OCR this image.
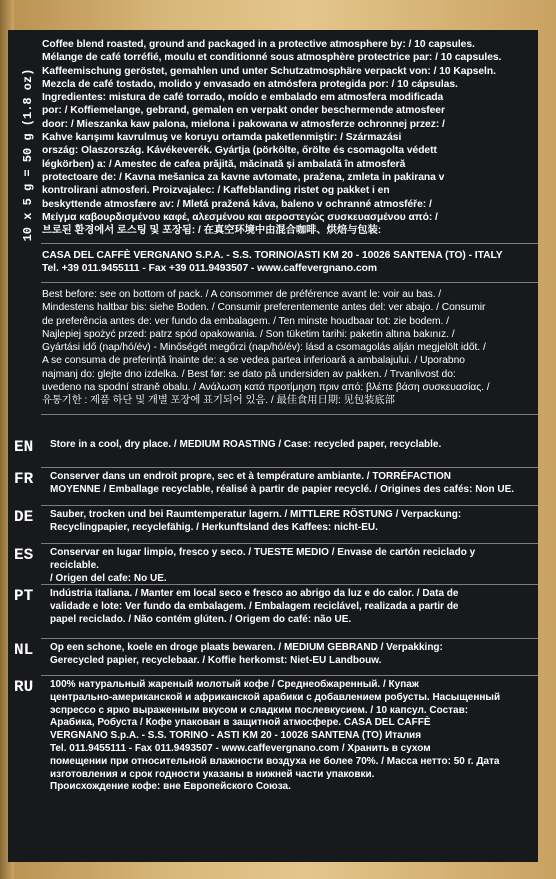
10 x 5 g = 50 g (1.8 oz)

Coffee blend roasted, ground and packaged in a protective atmosphere by: / 10 capsules.

Mélange de café torréfié, moulu et conditionné sous atmosphère protectrice par: / 10 capsules.

Kaffeemischung geröstet, gemahlen und unter Schutzatmosphäre verpackt von: / 10 Kapseln.

Mezcla de café tostado, molido y envasado en atmósfera protegida por: / 10 cápsulas.

Ingredientes: mistura de café torrado, moído e embalado em atmosfera modificada

por: / Koffiemelange, gebrand, gemalen en verpakt onder beschermende atmosfeer

door: / Mieszanka kaw palona, mielona i pakowana w atmosferze ochronnej przez: /

Kahve karışımı kavrulmuş ve koruyu ortamda paketlenmiştir: / Származási

ország: Olaszország. Kávékeverék. Gyártja (pörkölte, őrölte és csomagolta védett

légkörben) a: / Amestec de cafea prăjită, măcinată și ambalată în atmosferă

protectoare de: / Kavna mešanica za kavne avtomate, pražena, zmleta in pakirana v

kontrolirani atmosferi. Proizvajalec: / Kaffeblanding ristet og pakket i en

beskyttende atmosfære av: / Mletá pražená káva, baleno v ochranné atmosféře: /

Μείγμα καβουρδισμένου καφέ, αλεσμένου και αεροστεγώς συσκευασμένου από: /

브로된 환경에서 로스팅 및 포장됨: / 在真空环境中由混合咖啡、烘焙与包装:

CASA DEL CAFFÈ VERGNANO S.P.A. - S.S. TORINO/ASTI KM 20 - 10026 SANTENA (TO) - ITALY

Tel. +39 011.9455111 - Fax +39 011.9493507 - www.caffevergnano.com

Best before: see on bottom of pack. / A consommer de préférence avant le: voir au bas. /

Mindestens haltbar bis: siehe Boden. / Consumir preferentemente antes del: ver abajo. / Consumir

de preferência antes de: ver fundo da embalagem. / Ten minste houdbaar tot: zie bodem. /

Najlepiej spożyć przed: patrz spód opakowania. / Son tüketim tarihi: paketin altına bakınız. /

Gyártási idő (nap/hó/év) - Minőségét megőrzi (nap/hó/év): lásd a csomagolás alján megjelölt időt. /

A se consuma de preferință înainte de: a se vedea partea inferioară a ambalajului. / Uporabno

najmanj do: glejte dno izdelka. / Best før: se dato på undersiden av pakken. / Trvanlivost do:

uvedeno na spodní straně obalu. / Ανάλωση κατά προτίμηση πριν από: βλέπε βάση συσκευασίας. /

유통기한 : 제품 하단 및 개별 포장에 표기되어 있음. / 最佳食用日期: 见包装底部

EN Store in a cool, dry place. / MEDIUM ROASTING / Case: recycled paper, recyclable.
FR Conserver dans un endroit propre, sec et à température ambiante. / TORRÉFACTION
MOYENNE / Emballage recyclable, réalisé à partir de papier recyclé. / Origines des cafés: Non UE.
DE Sauber, trocken und bei Raumtemperatur lagern. / MITTLERE RÖSTUNG / Verpackung:
Recyclingpapier, recyclefähig. / Herkunftsland des Kaffees: nicht-EU.
ES Conservar en lugar limpio, fresco y seco. / TUESTE MEDIO / Envase de cartón reciclado y reciclable.
/ Origen del cafe: No UE.
PT Indústria italiana. / Manter em local seco e fresco ao abrigo da luz e do calor. / Data de
validade e lote: Ver fundo da embalagem. / Embalagem reciclável, realizada a partir de
papel reciclado. / Não contém glúten. / Origem do café: não UE.
NL Op een schone, koele en droge plaats bewaren. / MEDIUM GEBRAND / Verpakking:
Gerecycled papier, recyclebaar. / Koffie herkomst: Niet-EU Landbouw.
RU 100% натуральный жареный молотый кофе / Среднеобжаренный. / Купаж
центрально-американской и африканской арабики с добавлением робусты. Насыщенный
эспрессо с ярко выраженным вкусом и сладким послевкусием. / 10 капсул. Состав:
Арабика, Робуста / Кофе упакован в защитной атмосфере. CASA DEL CAFFÈ
VERGNANO S.p.A. - S.S. TORINO - ASTI KM 20 - 10026 SANTENA (TO) Италия
Tel. 011.9455111 - Fax 011.9493507 - www.caffevergnano.com / Хранить в сухом
помещении при относительной влажности воздуха не более 70%. / Масса нетто: 50 г. Дата
изготовления и срок годности указаны в нижней части упаковки.
Происхождение кофе: вне Европейского Союза.
